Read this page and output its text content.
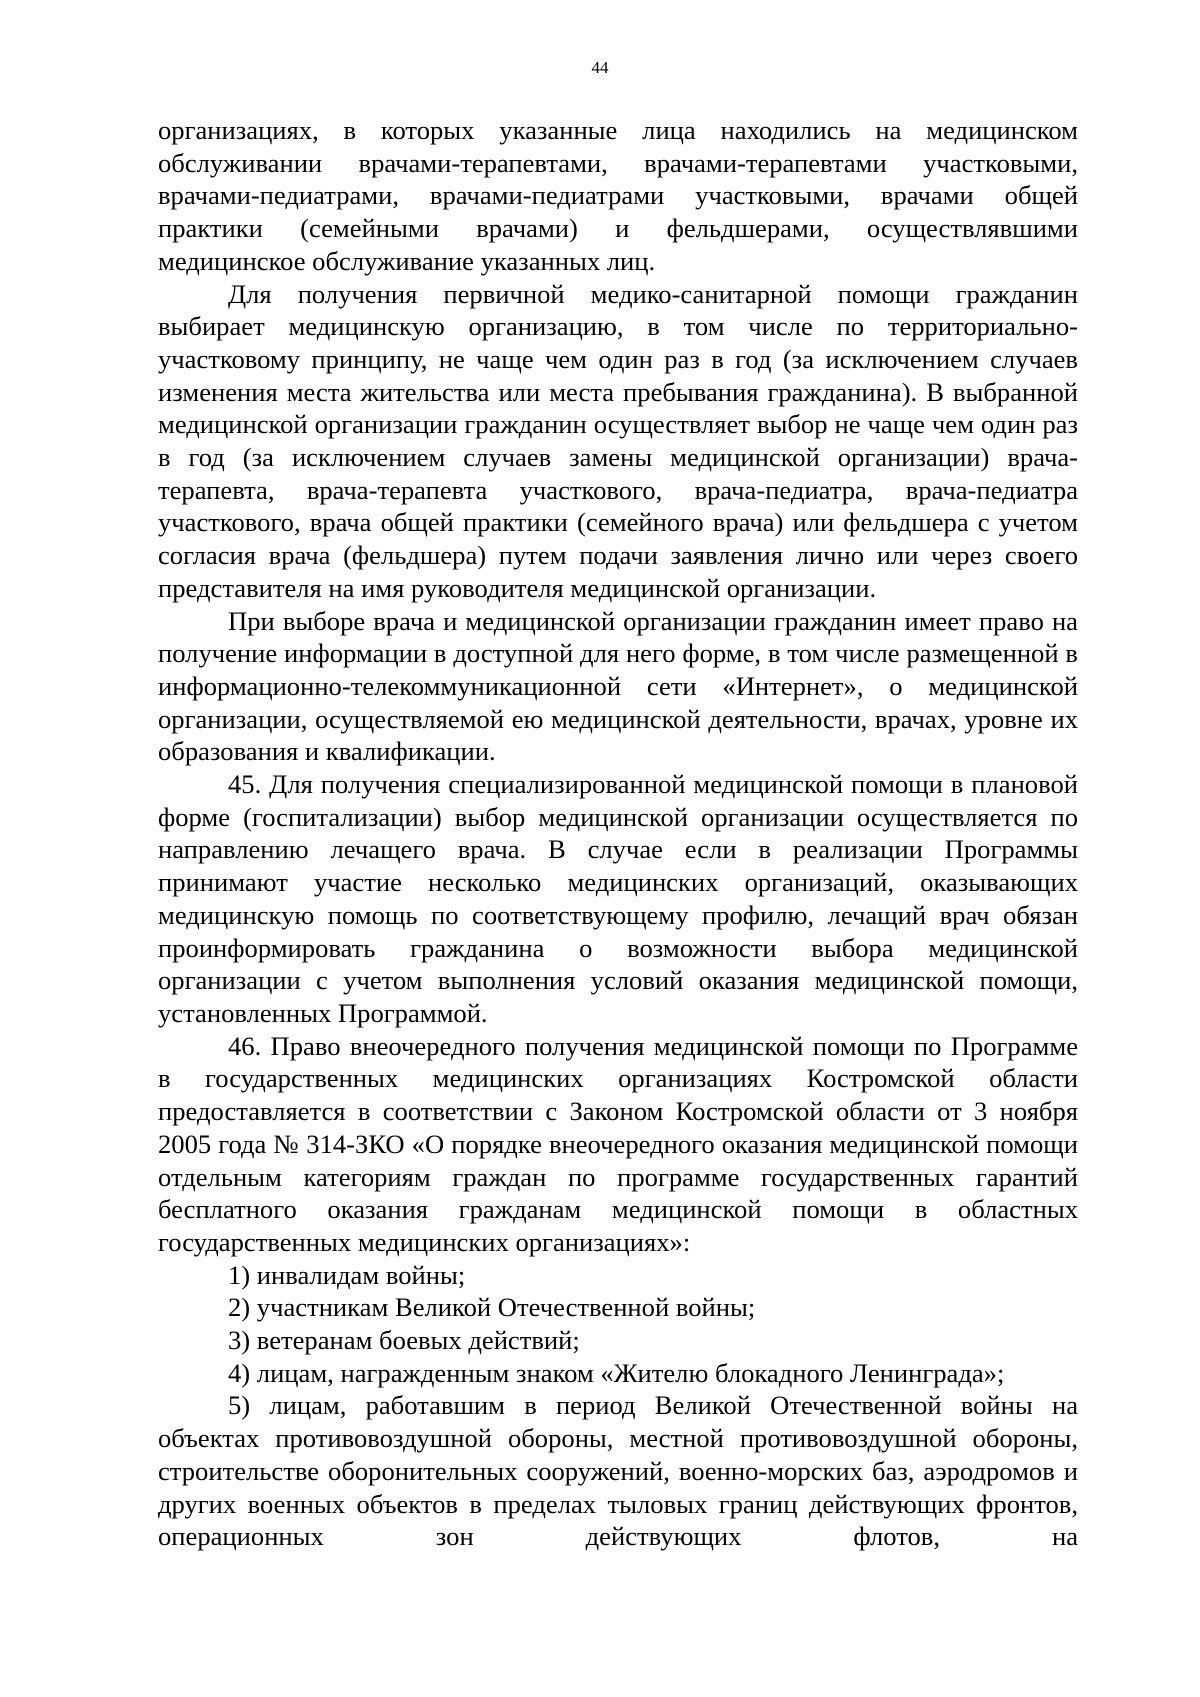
44

организациях, в которых указанные лица находились на медицинском обслуживании врачами-терапевтами, врачами-терапевтами участковыми, врачами-педиатрами, врачами-педиатрами участковыми, врачами общей практики (семейными врачами) и фельдшерами, осуществлявшими медицинское обслуживание указанных лиц.

Для получения первичной медико-санитарной помощи гражданин выбирает медицинскую организацию, в том числе по территориально-участковому принципу, не чаще чем один раз в год (за исключением случаев изменения места жительства или места пребывания гражданина). В выбранной медицинской организации гражданин осуществляет выбор не чаще чем один раз в год (за исключением случаев замены медицинской организации) врача-терапевта, врача-терапевта участкового, врача-педиатра, врача-педиатра участкового, врача общей практики (семейного врача) или фельдшера с учетом согласия врача (фельдшера) путем подачи заявления лично или через своего представителя на имя руководителя медицинской организации.

При выборе врача и медицинской организации гражданин имеет право на получение информации в доступной для него форме, в том числе размещенной в информационно-телекоммуникационной сети «Интернет», о медицинской организации, осуществляемой ею медицинской деятельности, врачах, уровне их образования и квалификации.

45. Для получения специализированной медицинской помощи в плановой форме (госпитализации) выбор медицинской организации осуществляется по направлению лечащего врача. В случае если в реализации Программы принимают участие несколько медицинских организаций, оказывающих медицинскую помощь по соответствующему профилю, лечащий врач обязан проинформировать гражданина о возможности выбора медицинской организации с учетом выполнения условий оказания медицинской помощи, установленных Программой.

46. Право внеочередного получения медицинской помощи по Программе в государственных медицинских организациях Костромской области предоставляется в соответствии с Законом Костромской области от 3 ноября 2005 года № 314-ЗКО «О порядке внеочередного оказания медицинской помощи отдельным категориям граждан по программе государственных гарантий бесплатного оказания гражданам медицинской помощи в областных государственных медицинских организациях»:

1) инвалидам войны;

2) участникам Великой Отечественной войны;

3) ветеранам боевых действий;

4) лицам, награжденным знаком «Жителю блокадного Ленинграда»;

5) лицам, работавшим в период Великой Отечественной войны на объектах противовоздушной обороны, местной противовоздушной обороны, строительстве оборонительных сооружений, военно-морских баз, аэродромов и других военных объектов в пределах тыловых границ действующих фронтов, операционных зон действующих флотов, на
